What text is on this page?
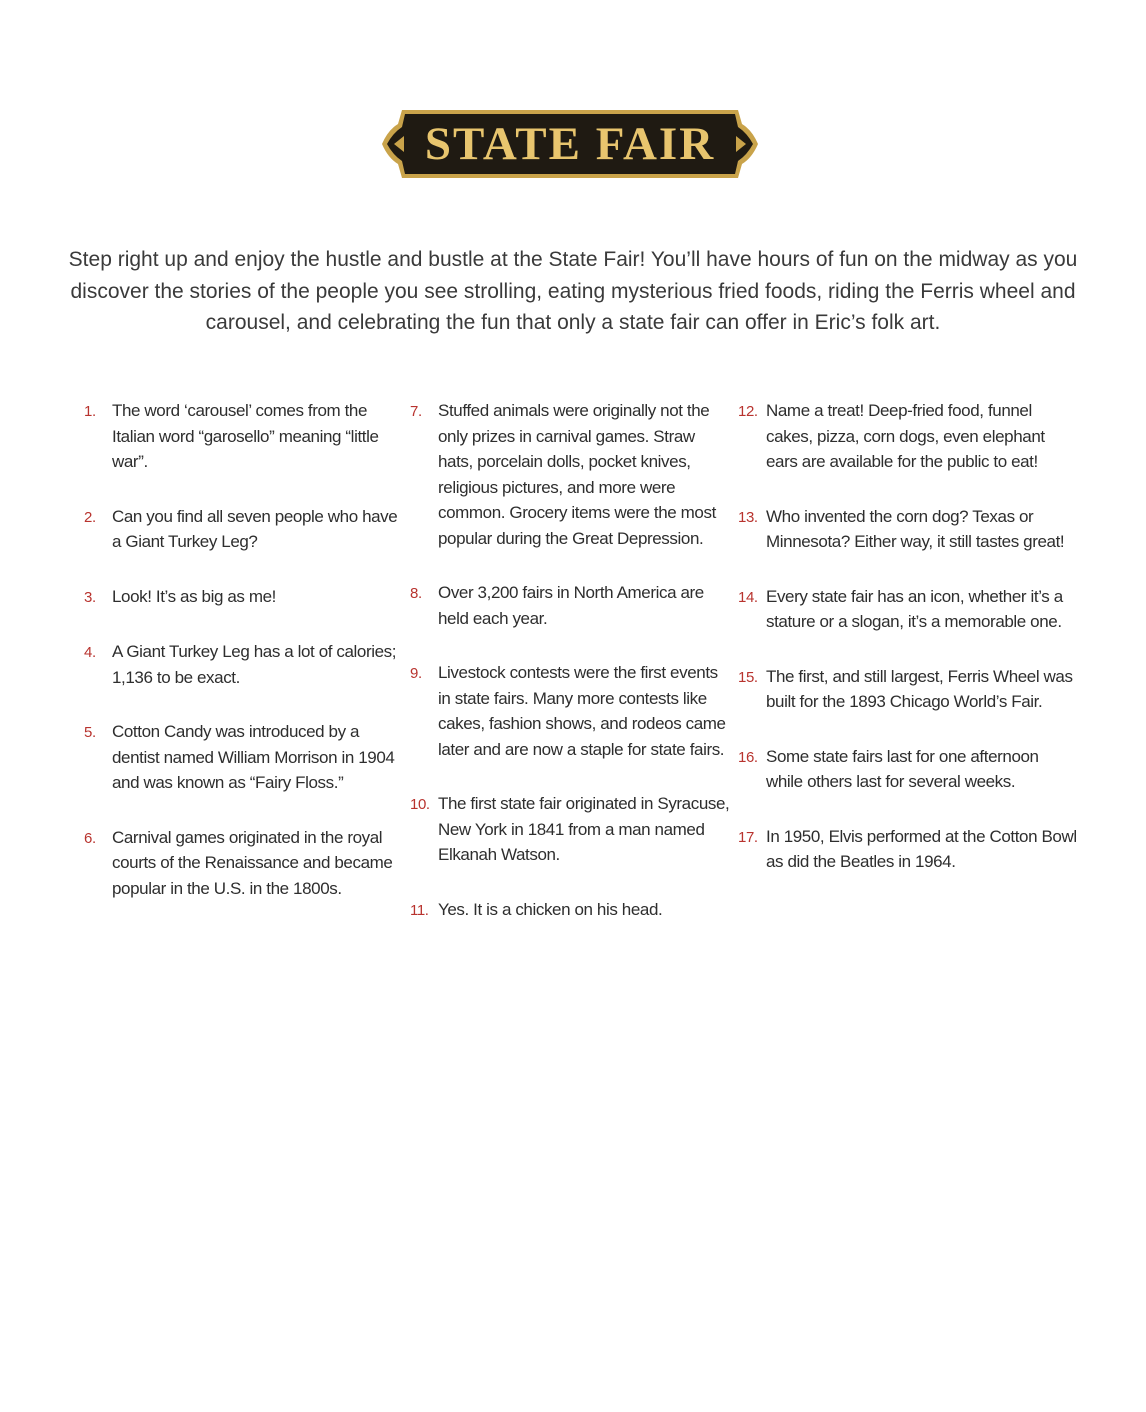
STATE FAIR
Step right up and enjoy the hustle and bustle at the State Fair! You’ll have hours of fun on the midway as you discover the stories of the people you see strolling, eating mysterious fried foods, riding the Ferris wheel and carousel, and celebrating the fun that only a state fair can offer in Eric’s folk art.
1. The word ‘carousel’ comes from the Italian word “garosello” meaning “little war”.
2. Can you find all seven people who have a Giant Turkey Leg?
3. Look! It’s as big as me!
4. A Giant Turkey Leg has a lot of calories; 1,136 to be exact.
5. Cotton Candy was introduced by a dentist named William Morrison in 1904 and was known as “Fairy Floss.”
6. Carnival games originated in the royal courts of the Renaissance and became popular in the U.S. in the 1800s.
7. Stuffed animals were originally not the only prizes in carnival games. Straw hats, porcelain dolls, pocket knives, religious pictures, and more were common. Grocery items were the most popular during the Great Depression.
8. Over 3,200 fairs in North America are held each year.
9. Livestock contests were the first events in state fairs. Many more contests like cakes, fashion shows, and rodeos came later and are now a staple for state fairs.
10. The first state fair originated in Syracuse, New York in 1841 from a man named Elkanah Watson.
11. Yes. It is a chicken on his head.
12. Name a treat! Deep-fried food, funnel cakes, pizza, corn dogs, even elephant ears are available for the public to eat!
13. Who invented the corn dog? Texas or Minnesota? Either way, it still tastes great!
14. Every state fair has an icon, whether it’s a stature or a slogan, it’s a memorable one.
15. The first, and still largest, Ferris Wheel was built for the 1893 Chicago World’s Fair.
16. Some state fairs last for one afternoon while others last for several weeks.
17. In 1950, Elvis performed at the Cotton Bowl as did the Beatles in 1964.
